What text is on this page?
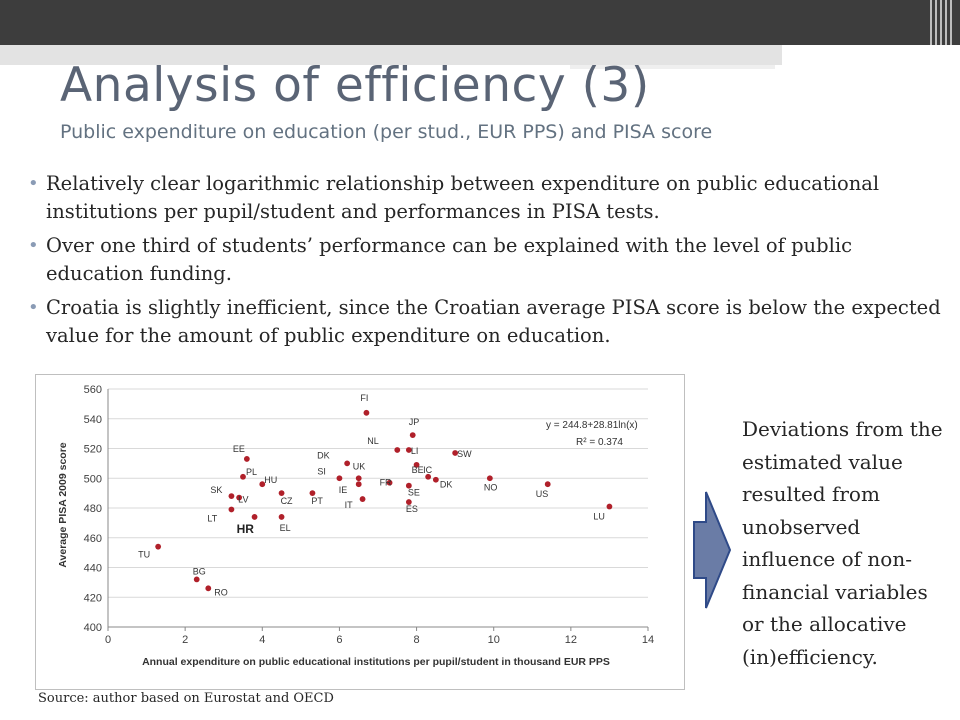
Analysis of efficiency (3)
Public expenditure on education (per stud., EUR PPS) and PISA score
• Relatively clear logarithmic relationship between expenditure on public educational institutions per pupil/student and performances in PISA tests.
• Over one third of students’ performance can be explained with the level of public education funding.
• Croatia is slightly inefficient, since the Croatian average PISA score is below the expected value for the amount of public expenditure on education.
400
420
440
460
480
500
520
540
560
0	2	4	6	8	10	12	14
FI
JP
NL
LI	SW
EE
DK
BE
UK
SI
PL	IC
NO
DK
FR
HU
US
SE
IE
SK
LV	CZ PT IT	ES
LU
LT
HR	EL
TU
BG
RO
y = 244.8+28.81ln(x)
R² = 0.374
Annual expenditure on public educational institutions per pupil/student in thousand EUR PPS
Average PISA 2009 score
Source: author based on Eurostat and OECD
Deviations from the estimated value resulted from unobserved influence of non-financial variables or the allocative (in)efficiency.
